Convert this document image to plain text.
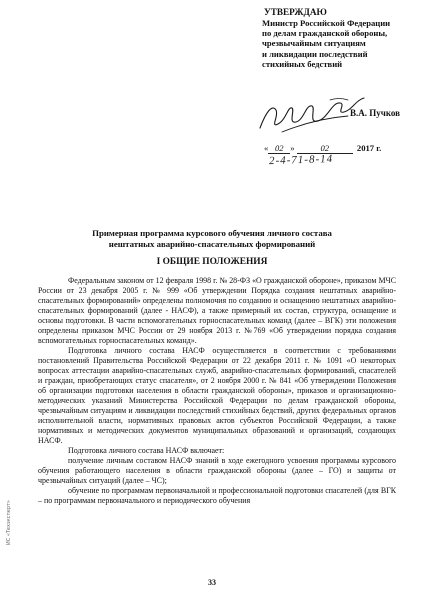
УТВЕРЖДАЮ
Министр Российской Федерации
по делам гражданской обороны,
чрезвычайным ситуациям
и ликвидации последствий
стихийных бедствий
В.А. Пучков
« 02 »	02	2017 г.
2-4-71-8-14
Примерная программа курсового обучения личного состава
нештатных аварийно-спасательных формирований
I ОБЩИЕ ПОЛОЖЕНИЯ

Федеральным законом от 12 февраля 1998 г. № 28-ФЗ «О гражданской обороне», приказом МЧС России от 23 декабря 2005 г. № 999 «Об утверждении Порядка создания нештатных аварийно-спасательных формирований» определены полномочия по созданию и оснащению нештатных аварийно-спасательных формирований (далее - НАСФ), а также примерный их состав, структура, оснащение и основы подготовки. В части вспомогательных горноспасательных команд (далее – ВГК) эти положения определены приказом МЧС России от 29 ноября 2013 г. №769 «Об утверждении порядка создания вспомогательных горноспасательных команд».

Подготовка личного состава НАСФ осуществляется в соответствии с требованиями постановлений Правительства Российской Федерации от 22 декабря 2011 г. № 1091 «О некоторых вопросах аттестации аварийно-спасательных служб, аварийно-спасательных формирований, спасателей и граждан, приобретающих статус спасателя», от 2 ноября 2000 г. № 841 «Об утверждении Положения об организации подготовки населения в области гражданской обороны», приказов и организационно-методических указаний Министерства Российской Федерации по делам гражданской обороны, чрезвычайным ситуациям и ликвидации последствий стихийных бедствий, других федеральных органов исполнительной власти, нормативных правовых актов субъектов Российской Федерации, а также нормативных и методических документов муниципальных образований и организаций, создающих НАСФ.

Подготовка личного состава НАСФ включает:

получение личным составом НАСФ знаний в ходе ежегодного усвоения программы курсового обучения работающего населения в области гражданской обороны (далее – ГО) и защиты от чрезвычайных ситуаций (далее – ЧС);

обучение по программам первоначальной и профессиональной подготовки спасателей (для ВГК – по программам первоначального и периодического обучения

33
ИС «Техэксперт»
